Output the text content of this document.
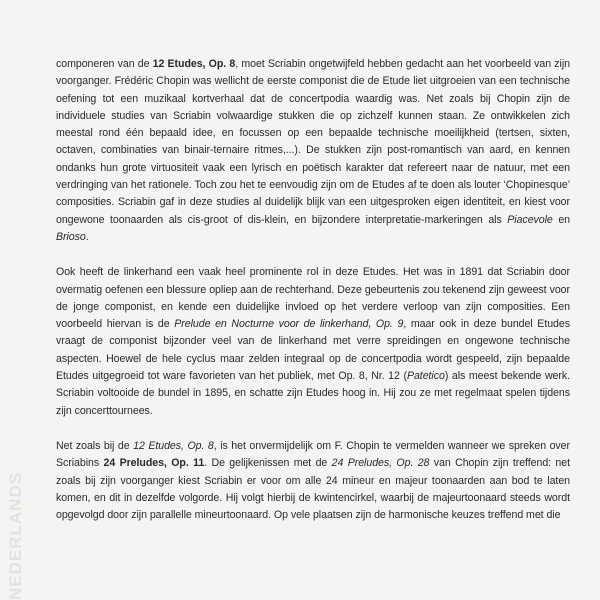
NEDERLANDS

componeren van de 12 Etudes, Op. 8, moet Scriabin ongetwijfeld hebben gedacht aan het voorbeeld van zijn voorganger. Frédéric Chopin was wellicht de eerste componist die de Etude liet uitgroeien van een technische oefening tot een muzikaal kortverhaal dat de concertpodia waardig was. Net zoals bij Chopin zijn de individuele studies van Scriabin volwaardige stukken die op zichzelf kunnen staan. Ze ontwikkelen zich meestal rond één bepaald idee, en focussen op een bepaalde technische moeilijkheid (tertsen, sixten, octaven, combinaties van binair-ternaire ritmes,...). De stukken zijn post-romantisch van aard, en kennen ondanks hun grote virtuositeit vaak een lyrisch en poëtisch karakter dat refereert naar de natuur, met een verdringing van het rationele. Toch zou het te eenvoudig zijn om de Etudes af te doen als louter ‘Chopinesque’ composities. Scriabin gaf in deze studies al duidelijk blijk van een uitgesproken eigen identiteit, en kiest voor ongewone toonaarden als cis-groot of dis-klein, en bijzondere interpretatie-markeringen als Piacevole en Brioso.

Ook heeft de linkerhand een vaak heel prominente rol in deze Etudes. Het was in 1891 dat Scriabin door overmatig oefenen een blessure opliep aan de rechterhand. Deze gebeurtenis zou tekenend zijn geweest voor de jonge componist, en kende een duidelijke invloed op het verdere verloop van zijn composities. Een voorbeeld hiervan is de Prelude en Nocturne voor de linkerhand, Op. 9, maar ook in deze bundel Etudes vraagt de componist bijzonder veel van de linkerhand met verre spreidingen en ongewone technische aspecten. Hoewel de hele cyclus maar zelden integraal op de concertpodia wordt gespeeld, zijn bepaalde Etudes uitgegroeid tot ware favorieten van het publiek, met Op. 8, Nr. 12 (Patetico) als meest bekende werk. Scriabin voltooide de bundel in 1895, en schatte zijn Etudes hoog in. Hij zou ze met regelmaat spelen tijdens zijn concerttournees.

Net zoals bij de 12 Etudes, Op. 8, is het onvermijdelijk om F. Chopin te vermelden wanneer we spreken over Scriabins 24 Preludes, Op. 11. De gelijkenissen met de 24 Preludes, Op. 28 van Chopin zijn treffend: net zoals bij zijn voorganger kiest Scriabin er voor om alle 24 mineur en majeur toonaarden aan bod te laten komen, en dit in dezelfde volgorde. Hij volgt hierbij de kwintencirkel, waarbij de majeurtoonaard steeds wordt opgevolgd door zijn parallelle mineurtoonaard. Op vele plaatsen zijn de harmonische keuzes treffend met die
